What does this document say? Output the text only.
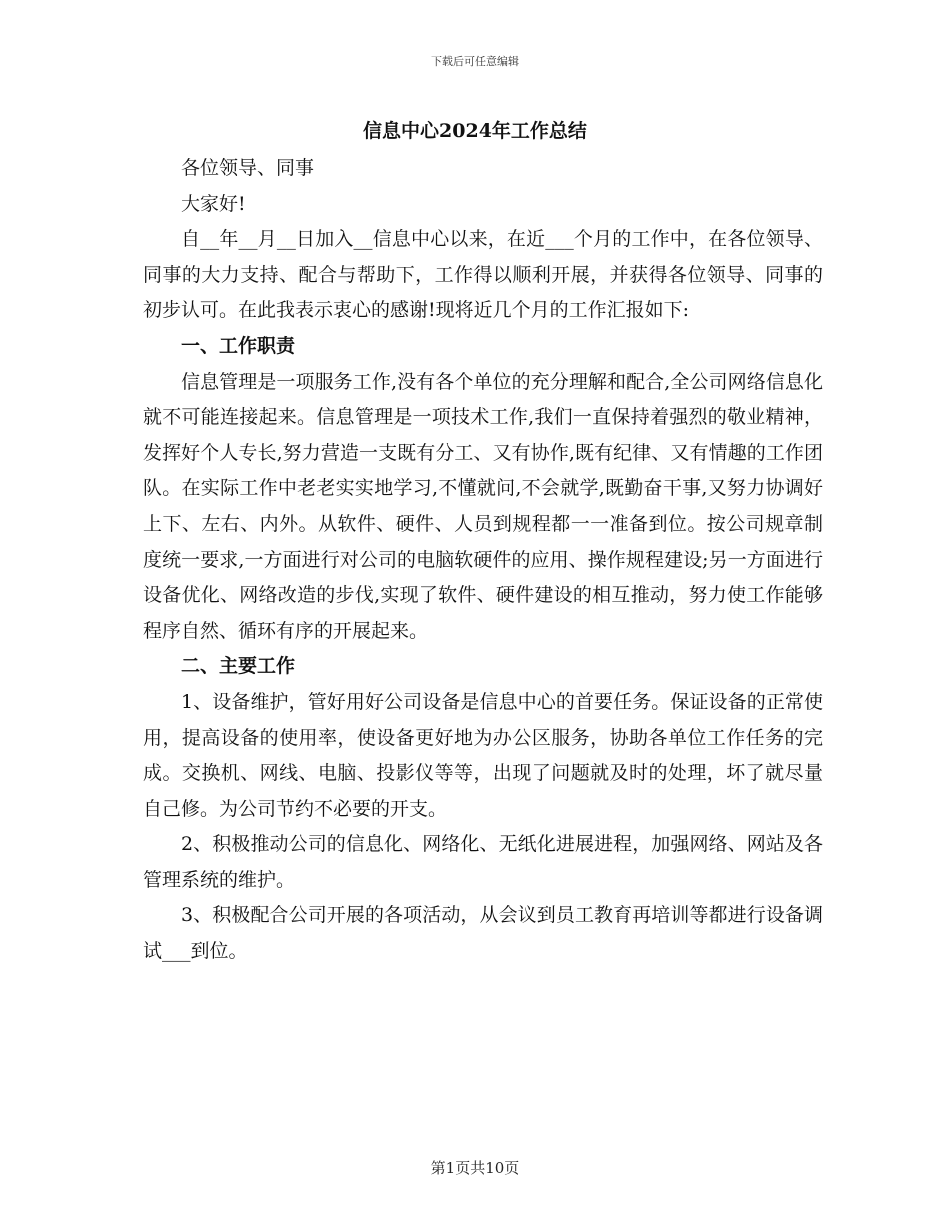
下载后可任意编辑
信息中心2024年工作总结

各位领导、同事

大家好!

自__年__月__日加入__信息中心以来，在近___个月的工作中，在各位领导、同事的大力支持、配合与帮助下，工作得以顺利开展，并获得各位领导、同事的初步认可。在此我表示衷心的感谢!现将近几个月的工作汇报如下:

一、工作职责

信息管理是一项服务工作,没有各个单位的充分理解和配合,全公司网络信息化就不可能连接起来。信息管理是一项技术工作,我们一直保持着强烈的敬业精神，发挥好个人专长,努力营造一支既有分工、又有协作,既有纪律、又有情趣的工作团队。在实际工作中老老实实地学习,不懂就问,不会就学,既勤奋干事,又努力协调好上下、左右、内外。从软件、硬件、人员到规程都一一准备到位。按公司规章制度统一要求,一方面进行对公司的电脑软硬件的应用、操作规程建设;另一方面进行设备优化、网络改造的步伐,实现了软件、硬件建设的相互推动，努力使工作能够程序自然、循环有序的开展起来。

二、主要工作

1、设备维护，管好用好公司设备是信息中心的首要任务。保证设备的正常使用，提高设备的使用率，使设备更好地为办公区服务，协助各单位工作任务的完成。交换机、网线、电脑、投影仪等等，出现了问题就及时的处理，坏了就尽量自己修。为公司节约不必要的开支。

2、积极推动公司的信息化、网络化、无纸化进展进程，加强网络、网站及各管理系统的维护。

3、积极配合公司开展的各项活动，从会议到员工教育再培训等都进行设备调试___到位。

第1页共10页
